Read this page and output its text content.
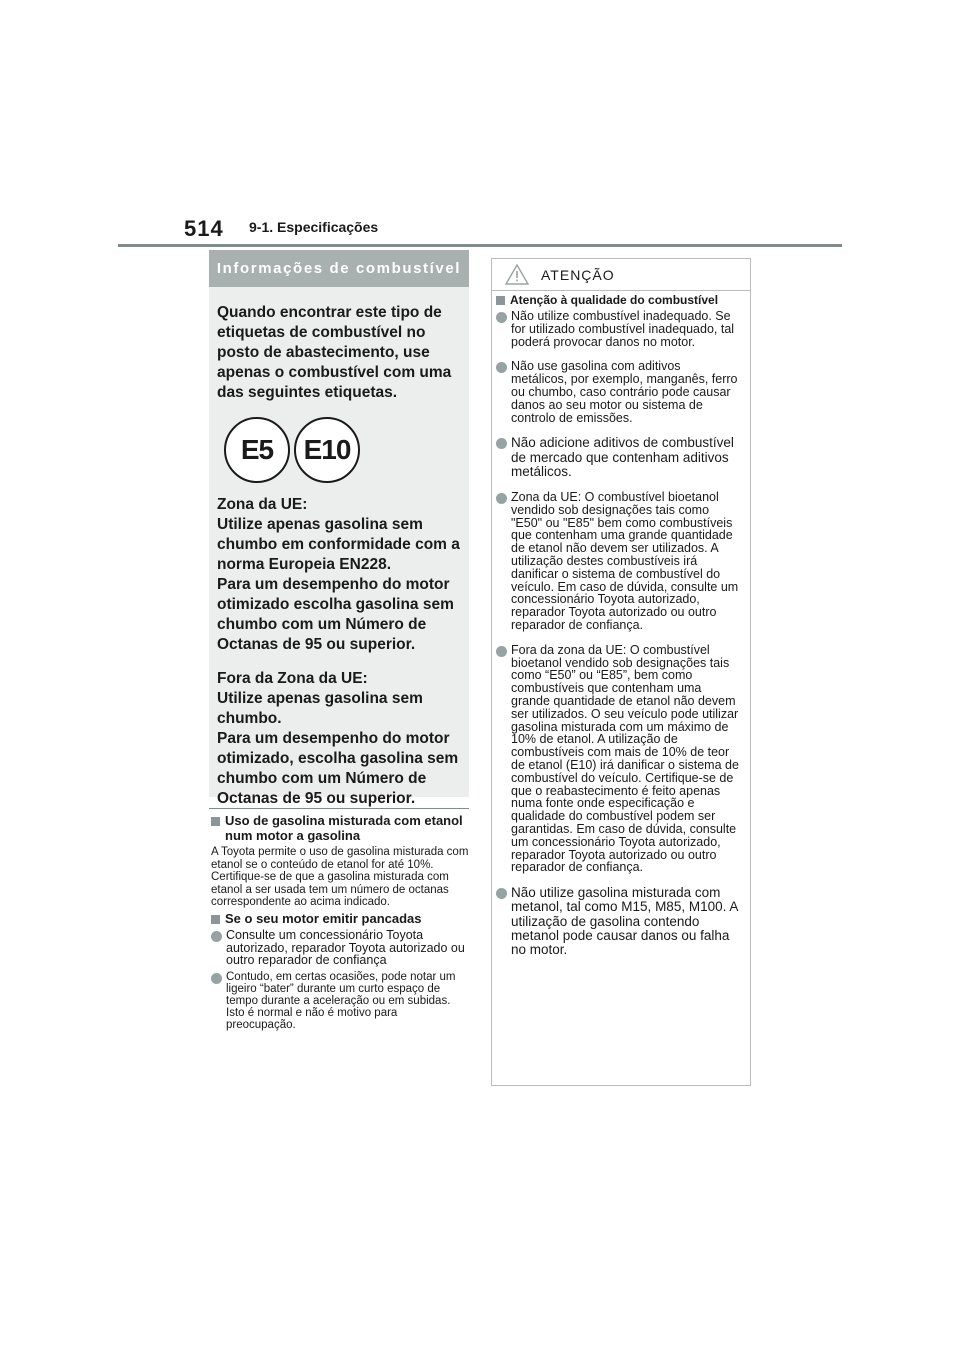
514 9-1. Especificações
Informações de combustível

Quando encontrar este tipo de etiquetas de combustível no posto de abastecimento, use apenas o combustível com uma das seguintes etiquetas.

E5	E10

Zona da UE:
Utilize apenas gasolina sem chumbo em conformidade com a norma Europeia EN228.
Para um desempenho do motor otimizado escolha gasolina sem chumbo com um Número de Octanas de 95 ou superior.

Fora da Zona da UE:
Utilize apenas gasolina sem chumbo.
Para um desempenho do motor otimizado, escolha gasolina sem chumbo com um Número de Octanas de 95 ou superior.

Uso de gasolina misturada com etanol num motor a gasolina

A Toyota permite o uso de gasolina misturada com etanol se o conteúdo de etanol for até 10%. Certifique-se de que a gasolina misturada com etanol a ser usada tem um número de octanas correspondente ao acima indicado.

Se o seu motor emitir pancadas
Consulte um concessionário Toyota autorizado, reparador Toyota autorizado ou outro reparador de confiança
Contudo, em certas ocasiões, pode notar um ligeiro “bater” durante um curto espaço de tempo durante a aceleração ou em subidas. Isto é normal e não é motivo para preocupação.
ATENÇÃO
Atenção à qualidade do combustível
Não utilize combustível inadequado. Se for utilizado combustível inadequado, tal poderá provocar danos no motor.
Não use gasolina com aditivos metálicos, por exemplo, manganês, ferro ou chumbo, caso contrário pode causar danos ao seu motor ou sistema de controlo de emissões.
Não adicione aditivos de combustível de mercado que contenham aditivos metálicos.
Zona da UE: O combustível bioetanol vendido sob designações tais como "E50" ou "E85" bem como combustíveis que contenham uma grande quantidade de etanol não devem ser utilizados. A utilização destes combustíveis irá danificar o sistema de combustível do veículo. Em caso de dúvida, consulte um concessionário Toyota autorizado, reparador Toyota autorizado ou outro reparador de confiança.
Fora da zona da UE: O combustível bioetanol vendido sob designações tais como “E50” ou “E85”, bem como combustíveis que contenham uma grande quantidade de etanol não devem ser utilizados. O seu veículo pode utilizar gasolina misturada com um máximo de 10% de etanol. A utilização de combustíveis com mais de 10% de teor de etanol (E10) irá danificar o sistema de combustível do veículo. Certifique-se de que o reabastecimento é feito apenas numa fonte onde especificação e qualidade do combustível podem ser garantidas. Em caso de dúvida, consulte um concessionário Toyota autorizado, reparador Toyota autorizado ou outro reparador de confiança.
Não utilize gasolina misturada com metanol, tal como M15, M85, M100. A utilização de gasolina contendo metanol pode causar danos ou falha no motor.
